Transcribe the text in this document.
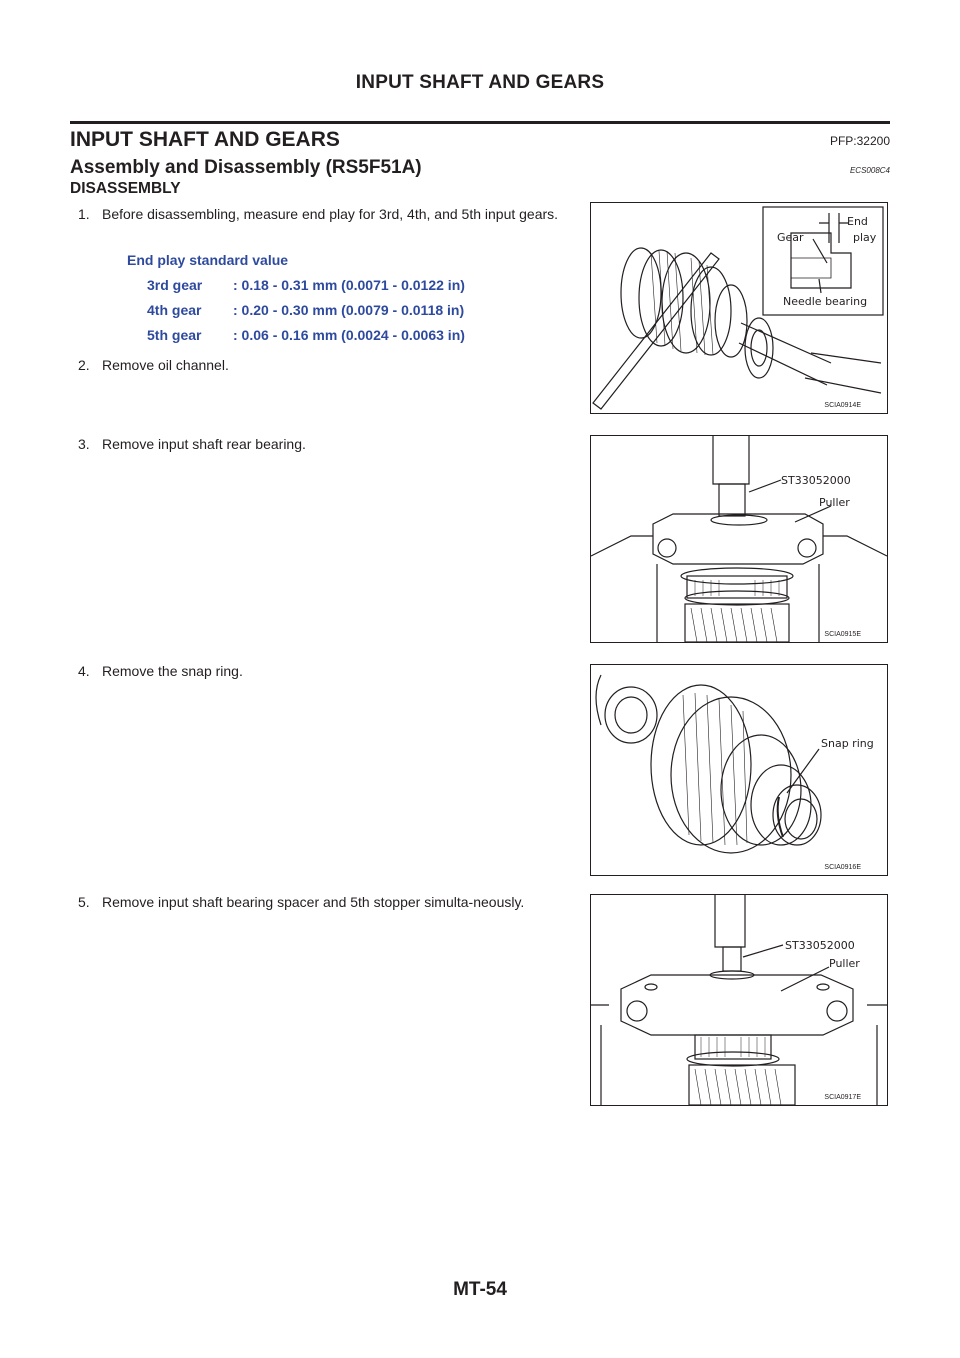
INPUT SHAFT AND GEARS
INPUT SHAFT AND GEARS	PFP:32200
Assembly and Disassembly (RS5F51A)	ECS008C4
DISASSEMBLY
1. Before disassembling, measure end play for 3rd, 4th, and 5th input gears.
End play standard value
3rd gear : 0.18 - 0.31 mm (0.0071 - 0.0122 in)
4th gear : 0.20 - 0.30 mm (0.0079 - 0.0118 in)
5th gear : 0.06 - 0.16 mm (0.0024 - 0.0063 in)
2. Remove oil channel.
3. Remove input shaft rear bearing.
4. Remove the snap ring.
5. Remove input shaft bearing spacer and 5th stopper simulta-neously.
Gear
End
play
Needle bearing
SCIA0914E
ST33052000
Puller
SCIA0915E
Snap ring
SCIA0916E
ST33052000
Puller
SCIA0917E
MT-54
